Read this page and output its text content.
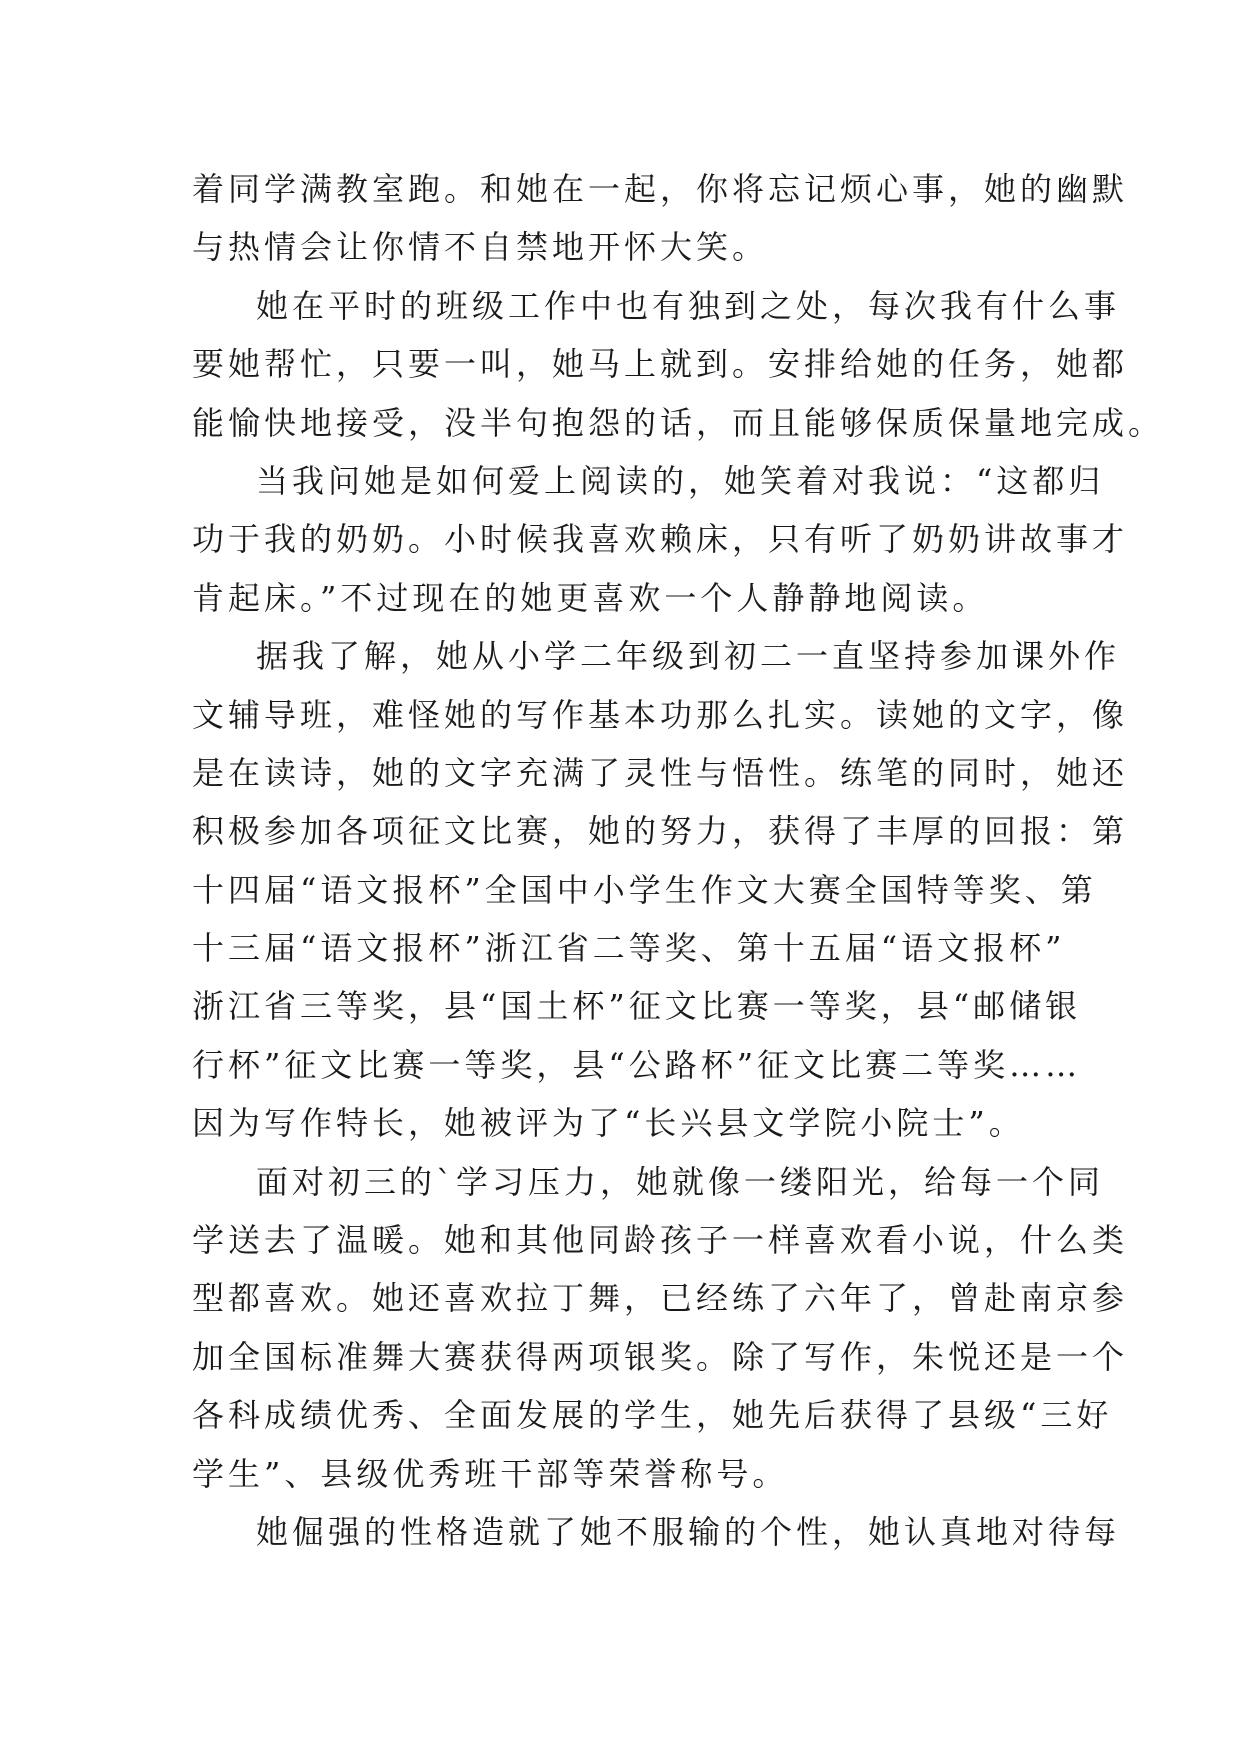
着同学满教室跑。和她在一起，你将忘记烦心事，她的幽默
与热情会让你情不自禁地开怀大笑。
她在平时的班级工作中也有独到之处，每次我有什么事
要她帮忙，只要一叫，她马上就到。安排给她的任务，她都
能愉快地接受，没半句抱怨的话，而且能够保质保量地完成。
当我问她是如何爱上阅读的，她笑着对我说：“这都归
功于我的奶奶。小时候我喜欢赖床，只有听了奶奶讲故事才
肯起床。”不过现在的她更喜欢一个人静静地阅读。
据我了解，她从小学二年级到初二一直坚持参加课外作
文辅导班，难怪她的写作基本功那么扎实。读她的文字，像
是在读诗，她的文字充满了灵性与悟性。练笔的同时，她还
积极参加各项征文比赛，她的努力，获得了丰厚的回报：第
十四届“语文报杯”全国中小学生作文大赛全国特等奖、第
十三届“语文报杯”浙江省二等奖、第十五届“语文报杯”
浙江省三等奖，县“国土杯”征文比赛一等奖，县“邮储银
行杯”征文比赛一等奖，县“公路杯”征文比赛二等奖……
因为写作特长，她被评为了“长兴县文学院小院士”。
面对初三的`学习压力，她就像一缕阳光，给每一个同
学送去了温暖。她和其他同龄孩子一样喜欢看小说，什么类
型都喜欢。她还喜欢拉丁舞，已经练了六年了，曾赴南京参
加全国标准舞大赛获得两项银奖。除了写作，朱悦还是一个
各科成绩优秀、全面发展的学生，她先后获得了县级“三好
学生”、县级优秀班干部等荣誉称号。
她倔强的性格造就了她不服输的个性，她认真地对待每
